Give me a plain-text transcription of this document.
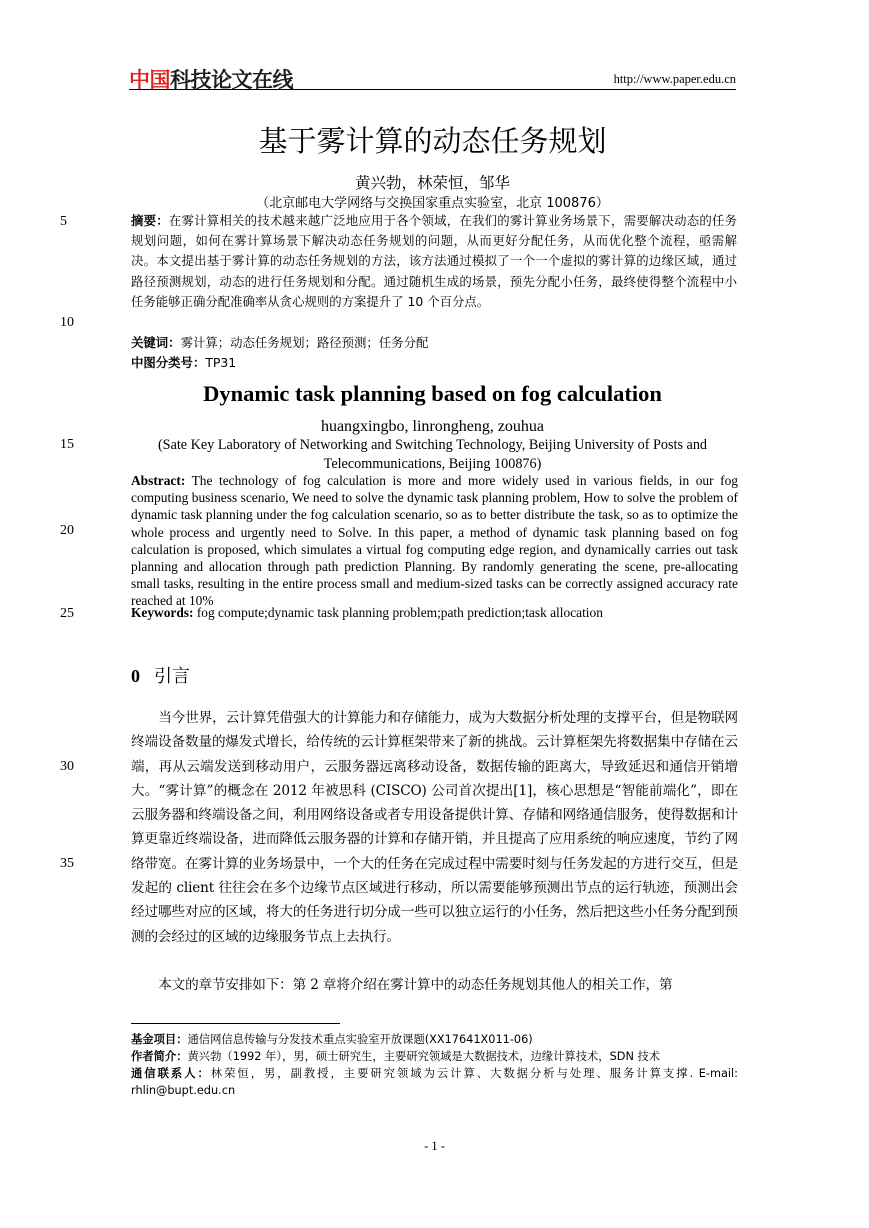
中国科技论文在线	http://www.paper.edu.cn
基于雾计算的动态任务规划
黄兴勃，林荣恒，邹华
（北京邮电大学网络与交换国家重点实验室，北京 100876）
5
10
15
20
25
30
35
摘要：在雾计算相关的技术越来越广泛地应用于各个领域，在我们的雾计算业务场景下，需要解决动态的任务规划问题，如何在雾计算场景下解决动态任务规划的问题，从而更好分配任务，从而优化整个流程，亟需解决。本文提出基于雾计算的动态任务规划的方法，该方法通过模拟了一个一个虚拟的雾计算的边缘区域，通过路径预测规划，动态的进行任务规划和分配。通过随机生成的场景，预先分配小任务，最终使得整个流程中小任务能够正确分配准确率从贪心规则的方案提升了 10 个百分点。
关键词：雾计算；动态任务规划；路径预测；任务分配
中图分类号：TP31
Dynamic task planning based on fog calculation
huangxingbo, linrongheng, zouhua
(Sate Key Laboratory of Networking and Switching Technology, Beijing University of Posts and Telecommunications, Beijing 100876)
Abstract: The technology of fog calculation is more and more widely used in various fields, in our fog computing business scenario, We need to solve the dynamic task planning problem, How to solve the problem of dynamic task planning under the fog calculation scenario, so as to better distribute the task, so as to optimize the whole process and urgently need to Solve. In this paper, a method of dynamic task planning based on fog calculation is proposed, which simulates a virtual fog computing edge region, and dynamically carries out task planning and allocation through path prediction Planning. By randomly generating the scene, pre-allocating small tasks, resulting in the entire process small and medium-sized tasks can be correctly assigned accuracy rate reached at 10%
Keywords: fog compute;dynamic task planning problem;path prediction;task allocation
0 引言
当今世界，云计算凭借强大的计算能力和存储能力，成为大数据分析处理的支撑平台，但是物联网终端设备数量的爆发式增长，给传统的云计算框架带来了新的挑战。云计算框架先将数据集中存储在云端，再从云端发送到移动用户，云服务器远离移动设备，数据传输的距离大，导致延迟和通信开销增大。“雾计算”的概念在 2012 年被思科 (CISCO) 公司首次提出[1]，核心思想是“智能前端化”，即在云服务器和终端设备之间，利用网络设备或者专用设备提供计算、存储和网络通信服务，使得数据和计算更靠近终端设备，进而降低云服务器的计算和存储开销，并且提高了应用系统的响应速度，节约了网络带宽。在雾计算的业务场景中，一个大的任务在完成过程中需要时刻与任务发起的方进行交互，但是发起的 client 往往会在多个边缘节点区域进行移动，所以需要能够预测出节点的运行轨迹，预测出会经过哪些对应的区域，将大的任务进行切分成一些可以独立运行的小任务，然后把这些小任务分配到预测的会经过的区域的边缘服务节点上去执行。
本文的章节安排如下：第 2 章将介绍在雾计算中的动态任务规划其他人的相关工作，第
基金项目：通信网信息传输与分发技术重点实验室开放课题(XX17641X011-06)
作者简介：黄兴勃（1992 年），男，硕士研究生，主要研究领域是大数据技术，边缘计算技术，SDN 技术
通信联系人：林荣恒，男，副教授，主要研究领域为云计算、大数据分析与处理、服务计算支撑. E-mail: rhlin@bupt.edu.cn
- 1 -
